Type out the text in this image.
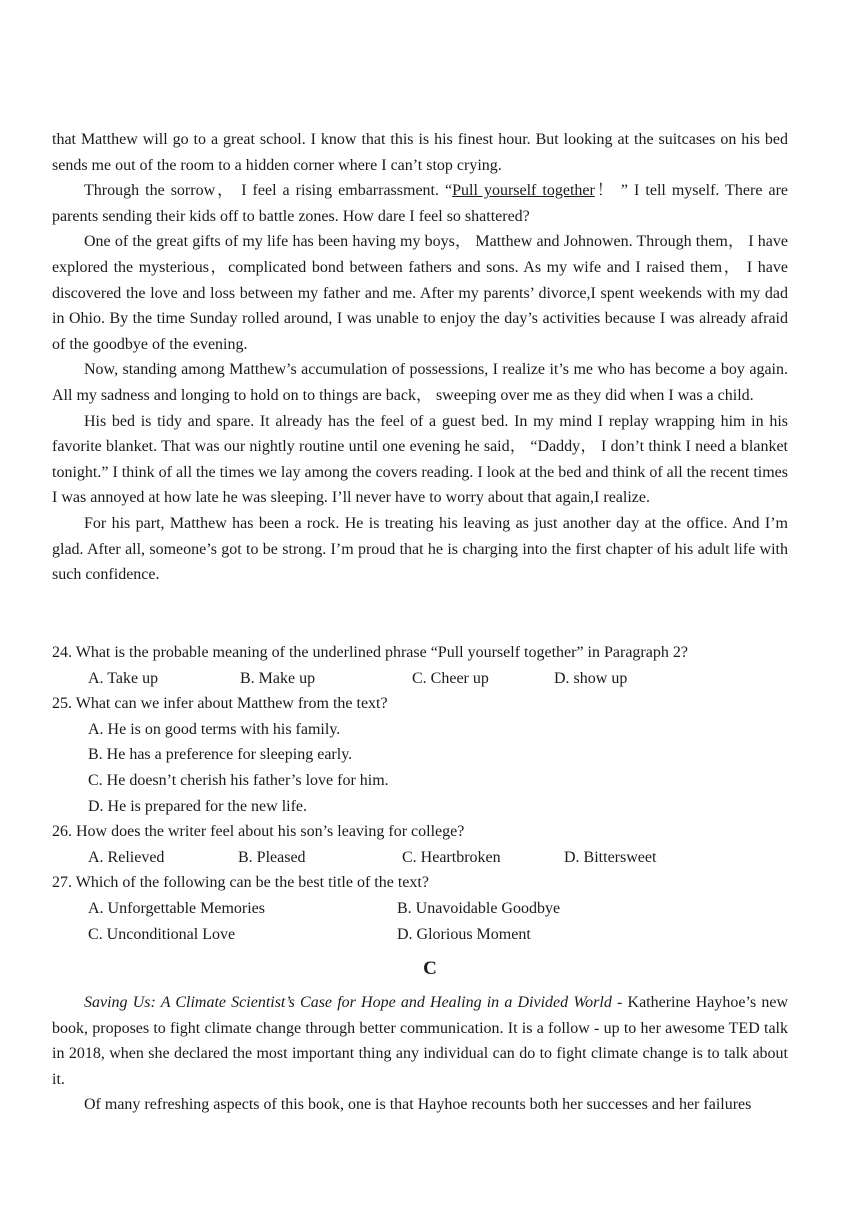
that Matthew will go to a great school. I know that this is his finest hour. But looking at the suitcases on his bed sends me out of the room to a hidden corner where I can’t stop crying.

Through the sorrow， I feel a rising embarrassment. “Pull yourself together！ ” I tell myself. There are parents sending their kids off to battle zones. How dare I feel so shattered?

One of the great gifts of my life has been having my boys， Matthew and Johnowen. Through them， I have explored the mysterious，complicated bond between fathers and sons. As my wife and I raised them， I have discovered the love and loss between my father and me. After my parents’ divorce,I spent weekends with my dad in Ohio. By the time Sunday rolled around, I was unable to enjoy the day’s activities because I was already afraid of the goodbye of the evening.

Now, standing among Matthew’s accumulation of possessions, I realize it’s me who has become a boy again. All my sadness and longing to hold on to things are back， sweeping over me as they did when I was a child.

His bed is tidy and spare. It already has the feel of a guest bed. In my mind I replay wrapping him in his favorite blanket. That was our nightly routine until one evening he said， “Daddy， I don’t think I need a blanket tonight.” I think of all the times we lay among the covers reading. I look at the bed and think of all the recent times I was annoyed at how late he was sleeping. I’ll never have to worry about that again,I realize.

For his part, Matthew has been a rock. He is treating his leaving as just another day at the office. And I’m glad. After all, someone’s got to be strong. I’m proud that he is charging into the first chapter of his adult life with such confidence.

24. What is the probable meaning of the underlined phrase “Pull yourself together” in Paragraph 2?

A. Take up	B. Make up	C. Cheer up	D. show up

25. What can we infer about Matthew from the text?

A. He is on good terms with his family.

B. He has a preference for sleeping early.

C. He doesn’t cherish his father’s love for him.

D. He is prepared for the new life.

26. How does the writer feel about his son’s leaving for college?

A. Relieved	B. Pleased	C. Heartbroken	D. Bittersweet

27. Which of the following can be the best title of the text?

A. Unforgettable Memories	B. Unavoidable Goodbye
C. Unconditional Love	D. Glorious Moment
C

Saving Us: A Climate Scientist’s Case for Hope and Healing in a Divided World - Katherine Hayhoe’s new book, proposes to fight climate change through better communication. It is a follow - up to her awesome TED talk in 2018, when she declared the most important thing any individual can do to fight climate change is to talk about it.

Of many refreshing aspects of this book, one is that Hayhoe recounts both her successes and her failures
